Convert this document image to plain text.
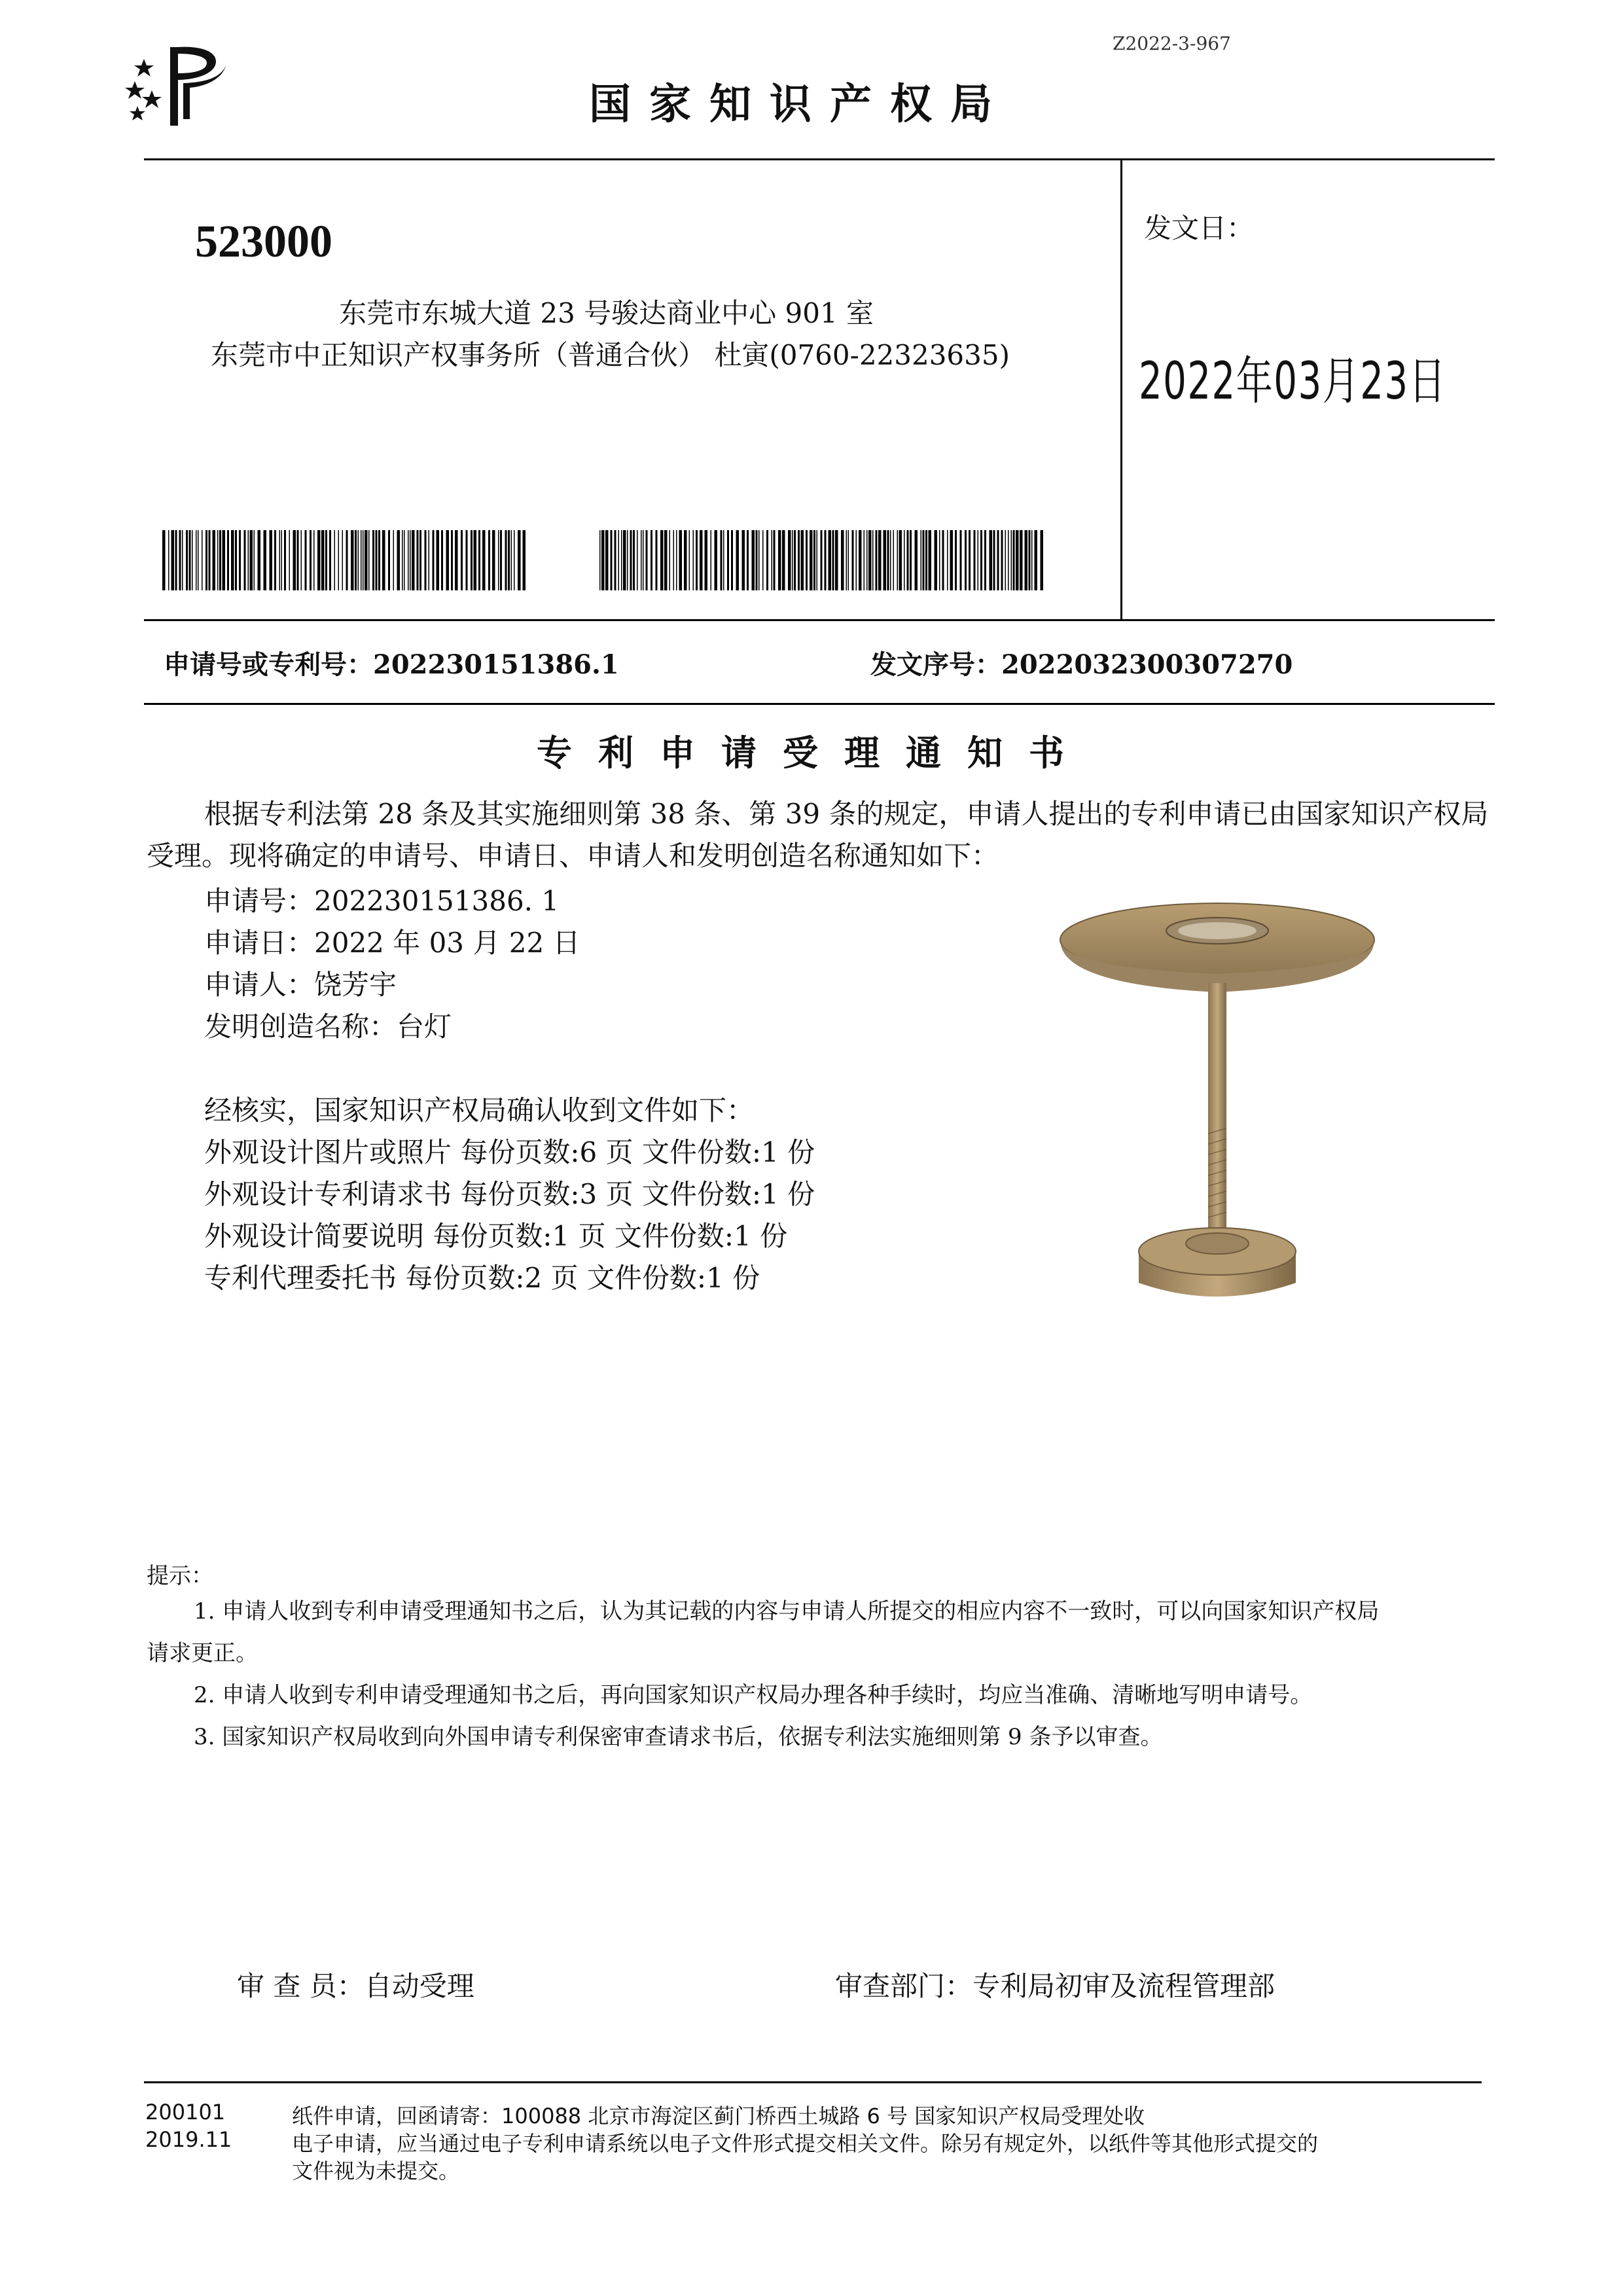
Z2022-3-967
国家知识产权局
523000
东莞市东城大道 23 号骏达商业中心 901 室
东莞市中正知识产权事务所（普通合伙） 杜寅(0760-22323635)
发文日：
2022年03月23日
申请号或专利号：202230151386.1	发文序号：2022032300307270
专利申请受理通知书
根据专利法第 28 条及其实施细则第 38 条、第 39 条的规定，申请人提出的专利申请已由国家知识产权局受理。现将确定的申请号、申请日、申请人和发明创造名称通知如下：
申请号：202230151386. 1
申请日：2022 年 03 月 22 日
申请人：饶芳宇
发明创造名称：台灯
经核实，国家知识产权局确认收到文件如下：
外观设计图片或照片 每份页数:6 页 文件份数:1 份
外观设计专利请求书 每份页数:3 页 文件份数:1 份
外观设计简要说明 每份页数:1 页 文件份数:1 份
专利代理委托书 每份页数:2 页 文件份数:1 份
提示：
1. 申请人收到专利申请受理通知书之后，认为其记载的内容与申请人所提交的相应内容不一致时，可以向国家知识产权局
请求更正。
2. 申请人收到专利申请受理通知书之后，再向国家知识产权局办理各种手续时，均应当准确、清晰地写明申请号。
3. 国家知识产权局收到向外国申请专利保密审查请求书后，依据专利法实施细则第 9 条予以审查。
审 查 员：自动受理	审查部门：专利局初审及流程管理部
200101
2019.11
纸件申请，回函请寄：100088 北京市海淀区蓟门桥西土城路 6 号 国家知识产权局受理处收
电子申请，应当通过电子专利申请系统以电子文件形式提交相关文件。除另有规定外，以纸件等其他形式提交的
文件视为未提交。
